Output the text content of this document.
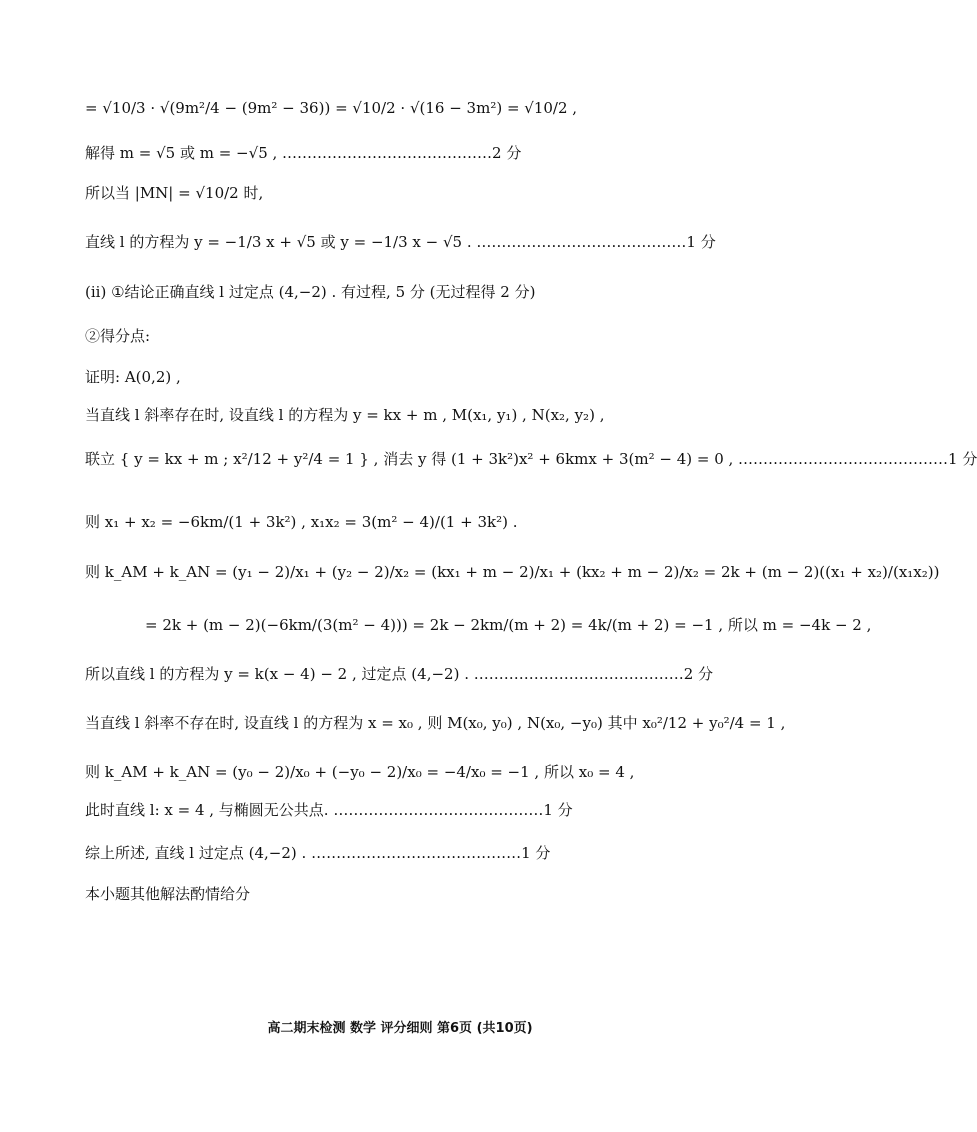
= √10/3 · √(9m²/4 − (9m² − 36)) = √10/2 · √(16 − 3m²) = √10/2 ,
解得 m = √5 或 m = −√5 , ……………………………………2 分
所以当 |MN| = √10/2 时,
直线 l 的方程为 y = −1/3 x + √5 或 y = −1/3 x − √5 . ……………………………………1 分
(ii) ①结论正确直线 l 过定点 (4,−2) . 有过程, 5 分 (无过程得 2 分)
②得分点:
证明: A(0,2) ,
当直线 l 斜率存在时, 设直线 l 的方程为 y = kx + m , M(x₁, y₁) , N(x₂, y₂) ,
联立 { y = kx + m ; x²/12 + y²/4 = 1 } , 消去 y 得 (1 + 3k²)x² + 6kmx + 3(m² − 4) = 0 , ……………………………………1 分
则 x₁ + x₂ = −6km/(1 + 3k²) , x₁x₂ = 3(m² − 4)/(1 + 3k²) .
则 k_AM + k_AN = (y₁ − 2)/x₁ + (y₂ − 2)/x₂ = (kx₁ + m − 2)/x₁ + (kx₂ + m − 2)/x₂ = 2k + (m − 2)((x₁ + x₂)/(x₁x₂))
= 2k + (m − 2)(−6km/(3(m² − 4))) = 2k − 2km/(m + 2) = 4k/(m + 2) = −1 , 所以 m = −4k − 2 ,
所以直线 l 的方程为 y = k(x − 4) − 2 , 过定点 (4,−2) . ……………………………………2 分
当直线 l 斜率不存在时, 设直线 l 的方程为 x = x₀ , 则 M(x₀, y₀) , N(x₀, −y₀) 其中 x₀²/12 + y₀²/4 = 1 ,
则 k_AM + k_AN = (y₀ − 2)/x₀ + (−y₀ − 2)/x₀ = −4/x₀ = −1 , 所以 x₀ = 4 ,
此时直线 l: x = 4 , 与椭圆无公共点. ……………………………………1 分
综上所述, 直线 l 过定点 (4,−2) . ……………………………………1 分
本小题其他解法酌情给分
高二期末检测 数学 评分细则 第6页 (共10页)
